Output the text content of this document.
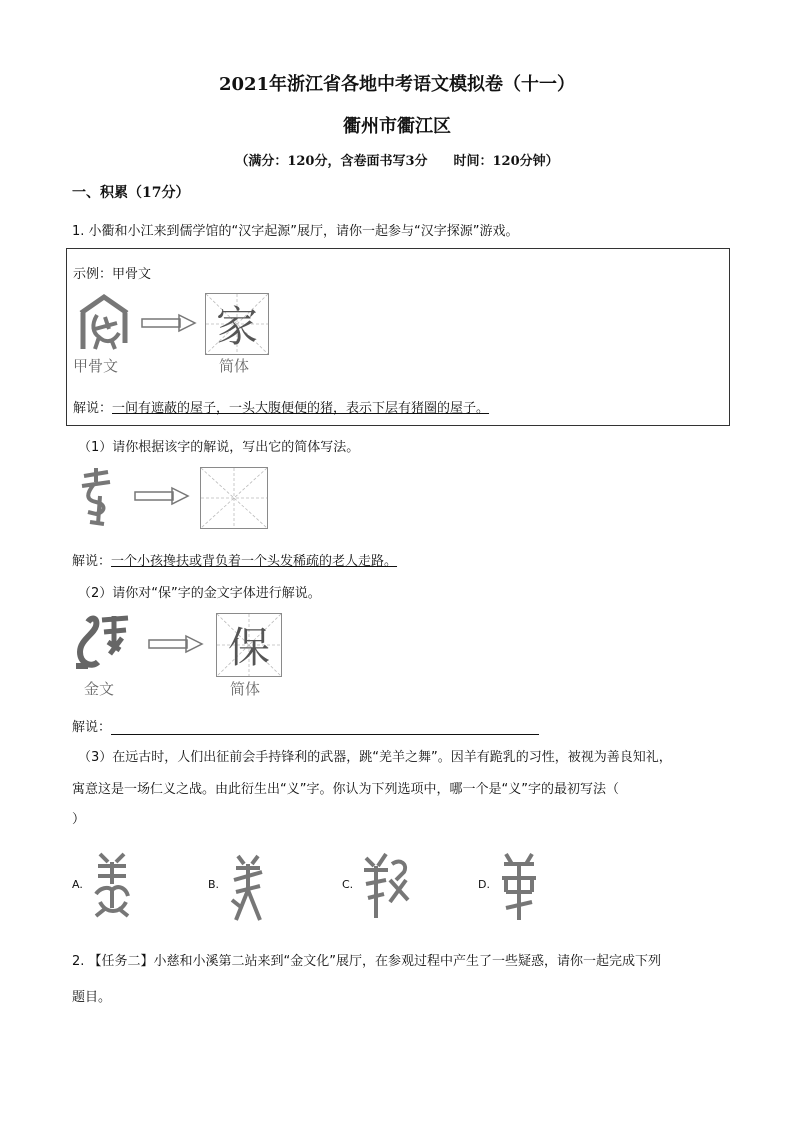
2021年浙江省各地中考语文模拟卷（十一）
衢州市衢江区
（满分：120分，含卷面书写3分　　时间：120分钟）
一、积累（17分）
1. 小衢和小江来到儒学馆的“汉字起源”展厅，请你一起参与“汉字探源”游戏。
示例：甲骨文
甲骨文
家
简体
解说：一间有遮蔽的屋子，一头大腹便便的猪，表示下层有猪圈的屋子。
（1）请你根据该字的解说，写出它的简体写法。
解说：一个小孩搀扶或背负着一个头发稀疏的老人走路。
（2）请你对“保”字的金文字体进行解说。
金文
保
简体
解说：
（3）在远古时，人们出征前会手持锋利的武器，跳“羌羊之舞”。因羊有跪乳的习性，被视为善良知礼，
寓意这是一场仁义之战。由此衍生出“义”字。你认为下列选项中，哪一个是“义”字的最初写法（
）
A.	B.	C.	D.
2. 【任务二】小慈和小溪第二站来到“金文化”展厅，在参观过程中产生了一些疑惑，请你一起完成下列
题目。
